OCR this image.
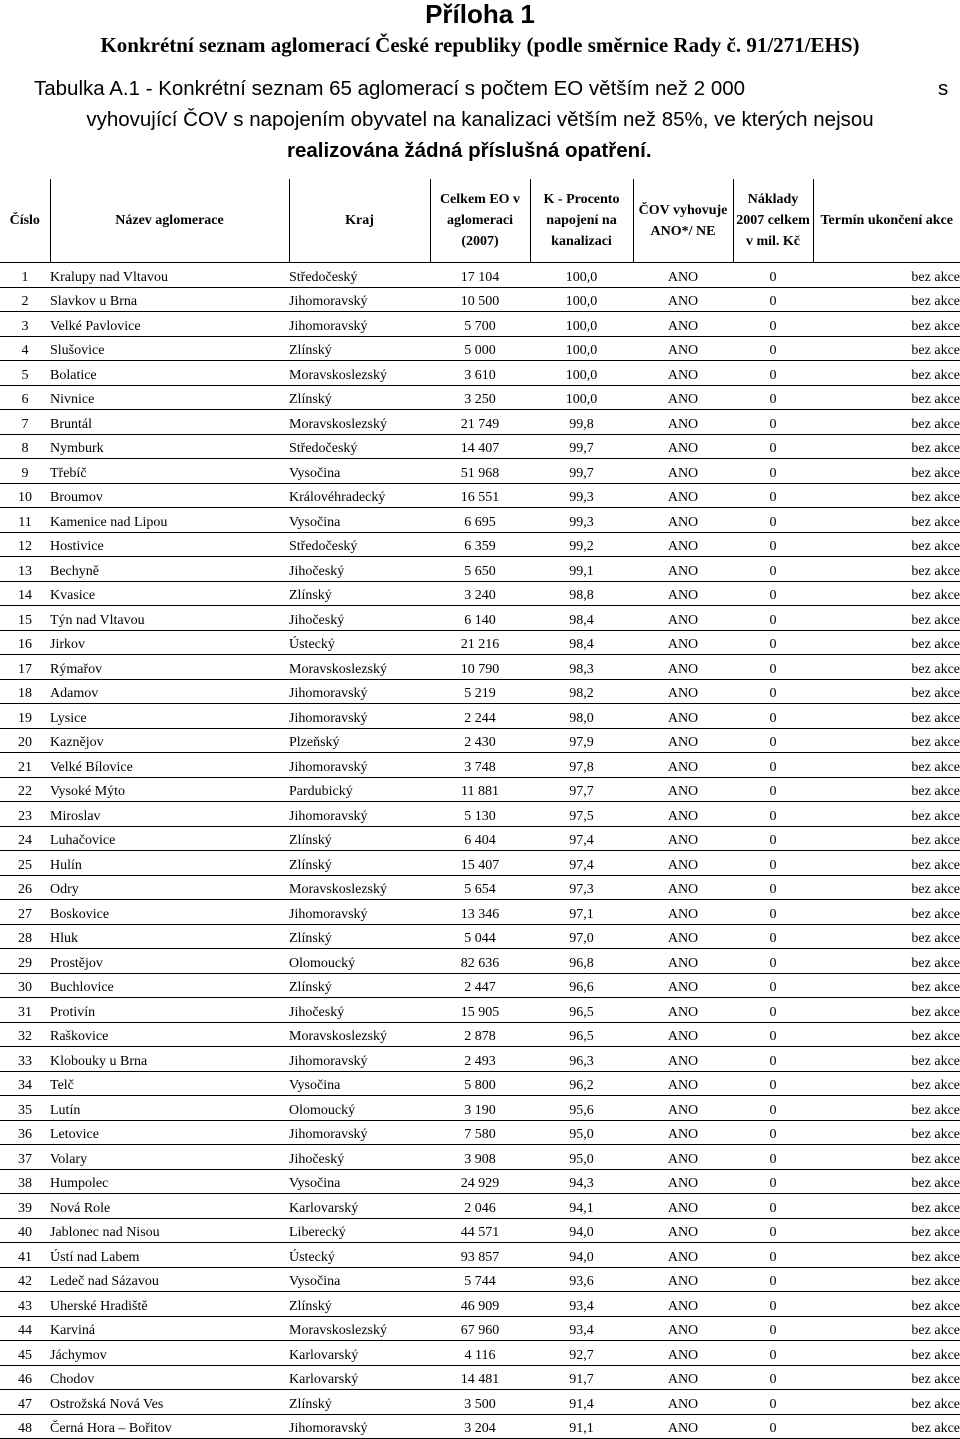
Příloha 1
Konkrétní seznam aglomerací České republiky (podle směrnice Rady č. 91/271/EHS)
Tabulka A.1 - Konkrétní seznam 65 aglomerací s počtem EO větším než 2 000	s
vyhovující ČOV s napojením obyvatel na kanalizaci větším než 85%, ve kterých nejsou
realizována žádná příslušná opatření.
Číslo	Název aglomerace	Kraj	Celkem EO v aglomeraci (2007)	K - Procento napojení na kanalizaci	ČOV vyhovuje ANO*/ NE	Náklady 2007 celkem v mil. Kč	Termín ukončení akce
1	Kralupy nad Vltavou	Středočeský	17 104	100,0	ANO	0	bez akce
2	Slavkov u Brna	Jihomoravský	10 500	100,0	ANO	0	bez akce
3	Velké Pavlovice	Jihomoravský	5 700	100,0	ANO	0	bez akce
4	Slušovice	Zlínský	5 000	100,0	ANO	0	bez akce
5	Bolatice	Moravskoslezský	3 610	100,0	ANO	0	bez akce
6	Nivnice	Zlínský	3 250	100,0	ANO	0	bez akce
7	Bruntál	Moravskoslezský	21 749	99,8	ANO	0	bez akce
8	Nymburk	Středočeský	14 407	99,7	ANO	0	bez akce
9	Třebíč	Vysočina	51 968	99,7	ANO	0	bez akce
10	Broumov	Královéhradecký	16 551	99,3	ANO	0	bez akce
11	Kamenice nad Lipou	Vysočina	6 695	99,3	ANO	0	bez akce
12	Hostivice	Středočeský	6 359	99,2	ANO	0	bez akce
13	Bechyně	Jihočeský	5 650	99,1	ANO	0	bez akce
14	Kvasice	Zlínský	3 240	98,8	ANO	0	bez akce
15	Týn nad Vltavou	Jihočeský	6 140	98,4	ANO	0	bez akce
16	Jirkov	Ústecký	21 216	98,4	ANO	0	bez akce
17	Rýmařov	Moravskoslezský	10 790	98,3	ANO	0	bez akce
18	Adamov	Jihomoravský	5 219	98,2	ANO	0	bez akce
19	Lysice	Jihomoravský	2 244	98,0	ANO	0	bez akce
20	Kaznějov	Plzeňský	2 430	97,9	ANO	0	bez akce
21	Velké Bílovice	Jihomoravský	3 748	97,8	ANO	0	bez akce
22	Vysoké Mýto	Pardubický	11 881	97,7	ANO	0	bez akce
23	Miroslav	Jihomoravský	5 130	97,5	ANO	0	bez akce
24	Luhačovice	Zlínský	6 404	97,4	ANO	0	bez akce
25	Hulín	Zlínský	15 407	97,4	ANO	0	bez akce
26	Odry	Moravskoslezský	5 654	97,3	ANO	0	bez akce
27	Boskovice	Jihomoravský	13 346	97,1	ANO	0	bez akce
28	Hluk	Zlínský	5 044	97,0	ANO	0	bez akce
29	Prostějov	Olomoucký	82 636	96,8	ANO	0	bez akce
30	Buchlovice	Zlínský	2 447	96,6	ANO	0	bez akce
31	Protivín	Jihočeský	15 905	96,5	ANO	0	bez akce
32	Raškovice	Moravskoslezský	2 878	96,5	ANO	0	bez akce
33	Klobouky u Brna	Jihomoravský	2 493	96,3	ANO	0	bez akce
34	Telč	Vysočina	5 800	96,2	ANO	0	bez akce
35	Lutín	Olomoucký	3 190	95,6	ANO	0	bez akce
36	Letovice	Jihomoravský	7 580	95,0	ANO	0	bez akce
37	Volary	Jihočeský	3 908	95,0	ANO	0	bez akce
38	Humpolec	Vysočina	24 929	94,3	ANO	0	bez akce
39	Nová Role	Karlovarský	2 046	94,1	ANO	0	bez akce
40	Jablonec nad Nisou	Liberecký	44 571	94,0	ANO	0	bez akce
41	Ústí nad Labem	Ústecký	93 857	94,0	ANO	0	bez akce
42	Ledeč nad Sázavou	Vysočina	5 744	93,6	ANO	0	bez akce
43	Uherské Hradiště	Zlínský	46 909	93,4	ANO	0	bez akce
44	Karviná	Moravskoslezský	67 960	93,4	ANO	0	bez akce
45	Jáchymov	Karlovarský	4 116	92,7	ANO	0	bez akce
46	Chodov	Karlovarský	14 481	91,7	ANO	0	bez akce
47	Ostrožská Nová Ves	Zlínský	3 500	91,4	ANO	0	bez akce
48	Černá Hora – Bořitov	Jihomoravský	3 204	91,1	ANO	0	bez akce
